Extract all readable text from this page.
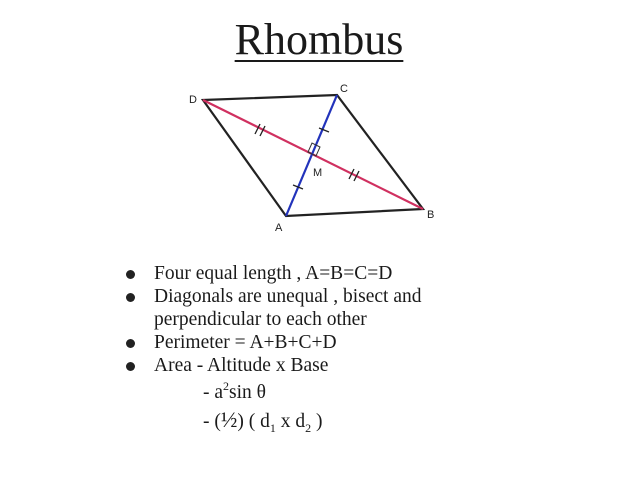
Rhombus
D
C
M
B
A
Four equal length , A=B=C=D
Diagonals are unequal , bisect and
perpendicular to each other
Perimeter = A+B+C+D
Area - Altitude x Base
- $a^2\sin$ θ
- (½) ( $d_1$ x $d_2$ )
